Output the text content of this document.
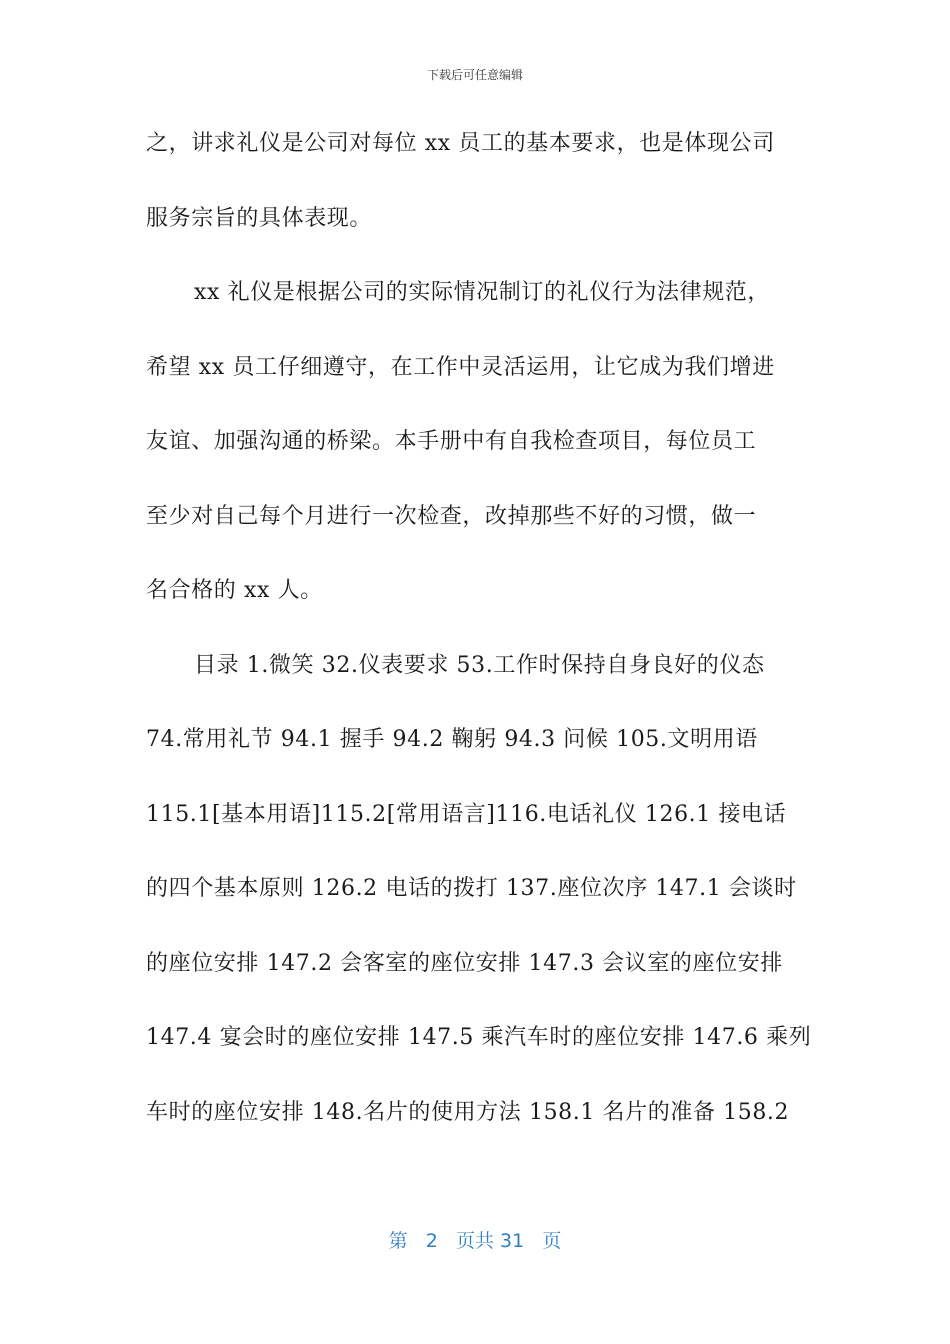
下载后可任意编辑
之，讲求礼仪是公司对每位 xx 员工的基本要求，也是体现公司
服务宗旨的具体表现。
xx 礼仪是根据公司的实际情况制订的礼仪行为法律规范，
希望 xx 员工仔细遵守，在工作中灵活运用，让它成为我们增进
友谊、加强沟通的桥梁。本手册中有自我检查项目，每位员工
至少对自己每个月进行一次检查，改掉那些不好的习惯，做一
名合格的 xx 人。
目录 1.微笑 32.仪表要求 53.工作时保持自身良好的仪态
74.常用礼节 94.1 握手 94.2 鞠躬 94.3 问候 105.文明用语
115.1[基本用语]115.2[常用语言]116.电话礼仪 126.1 接电话
的四个基本原则 126.2 电话的拨打 137.座位次序 147.1 会谈时
的座位安排 147.2 会客室的座位安排 147.3 会议室的座位安排
147.4 宴会时的座位安排 147.5 乘汽车时的座位安排 147.6 乘列
车时的座位安排 148.名片的使用方法 158.1 名片的准备 158.2
第 2 页共 31 页
